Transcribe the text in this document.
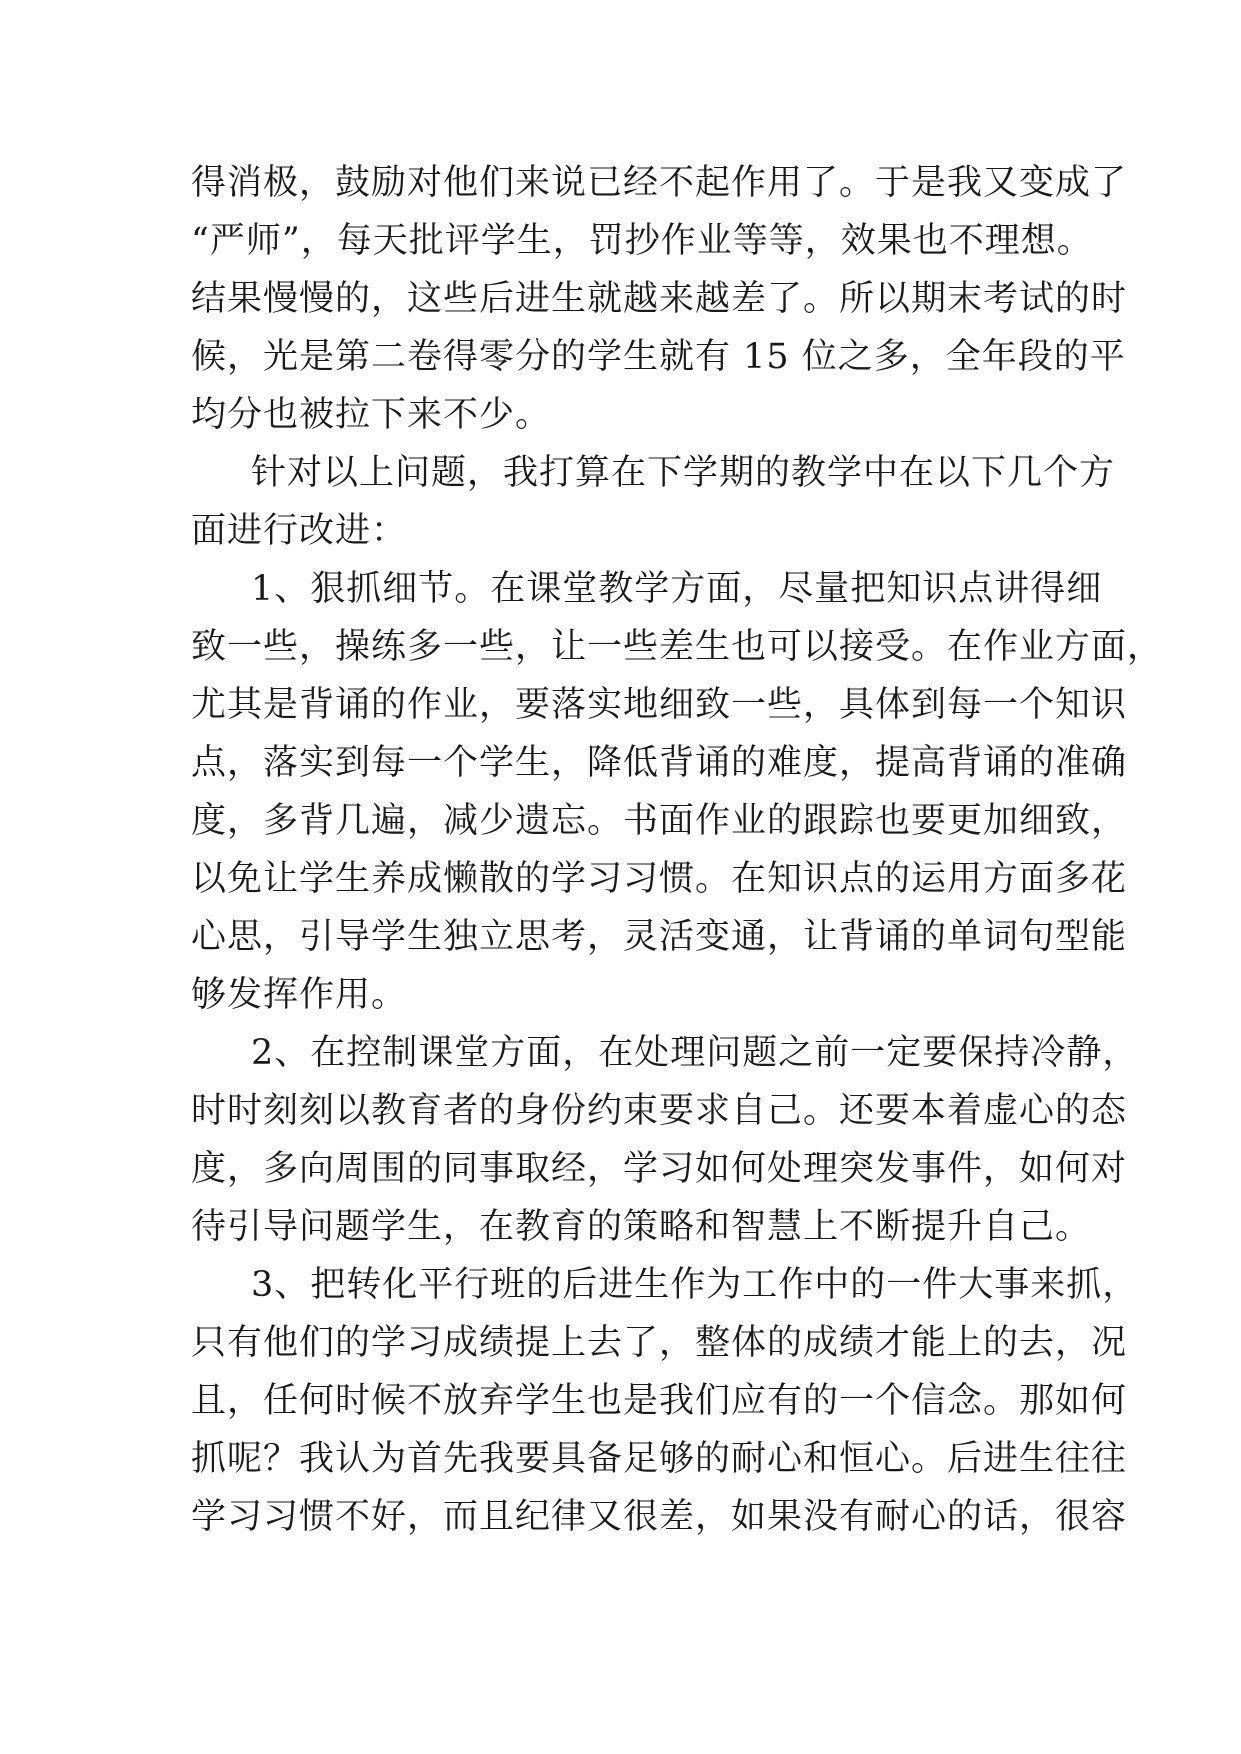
得消极，鼓励对他们来说已经不起作用了。于是我又变成了
“严师”，每天批评学生，罚抄作业等等，效果也不理想。
结果慢慢的，这些后进生就越来越差了。所以期末考试的时
候，光是第二卷得零分的学生就有 15 位之多，全年段的平
均分也被拉下来不少。
针对以上问题，我打算在下学期的教学中在以下几个方
面进行改进：
1、狠抓细节。在课堂教学方面，尽量把知识点讲得细
致一些，操练多一些，让一些差生也可以接受。在作业方面，
尤其是背诵的作业，要落实地细致一些，具体到每一个知识
点，落实到每一个学生，降低背诵的难度，提高背诵的准确
度，多背几遍，减少遗忘。书面作业的跟踪也要更加细致，
以免让学生养成懒散的学习习惯。在知识点的运用方面多花
心思，引导学生独立思考，灵活变通，让背诵的单词句型能
够发挥作用。
2、在控制课堂方面，在处理问题之前一定要保持冷静，
时时刻刻以教育者的身份约束要求自己。还要本着虚心的态
度，多向周围的同事取经，学习如何处理突发事件，如何对
待引导问题学生，在教育的策略和智慧上不断提升自己。
3、把转化平行班的后进生作为工作中的一件大事来抓，
只有他们的学习成绩提上去了，整体的成绩才能上的去，况
且，任何时候不放弃学生也是我们应有的一个信念。那如何
抓呢？我认为首先我要具备足够的耐心和恒心。后进生往往
学习习惯不好，而且纪律又很差，如果没有耐心的话，很容
